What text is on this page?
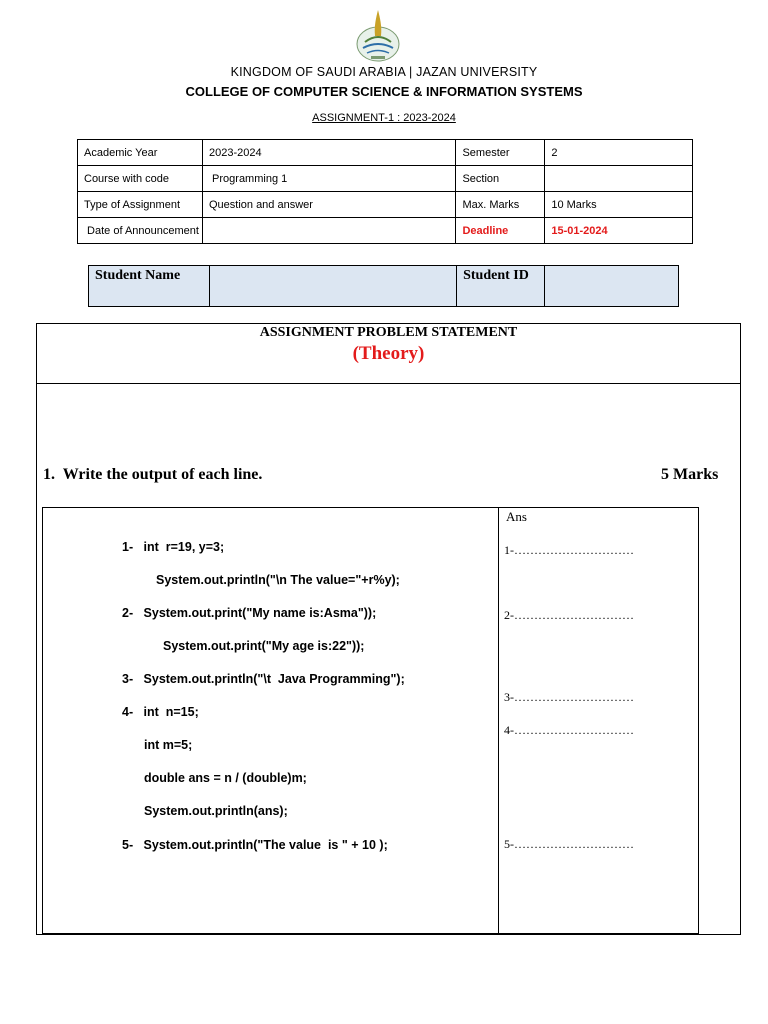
KINGDOM OF SAUDI ARABIA | JAZAN UNIVERSITY
COLLEGE OF COMPUTER SCIENCE & INFORMATION SYSTEMS
ASSIGNMENT-1 : 2023-2024
Academic Year	2023-2024	Semester	2
Course with code	Programming 1	Section	
Type of Assignment	Question and answer	Max. Marks	10 Marks
Date of Announcement		Deadline	15-01-2024
Student Name		Student ID	
ASSIGNMENT PROBLEM STATEMENT
(Theory)
1.  Write the output of each line.	5 Marks
1-   int  r=19, y=3;
System.out.println("\n The value="+r%y);
2-   System.out.print("My name is:Asma"));
System.out.print("My age is:22"));
3-   System.out.println("\t  Java Programming");
4-   int  n=15;
int m=5;
double ans = n / (double)m;
System.out.println(ans);
5-   System.out.println("The value  is " + 10 );
Ans
1-…………………………
2-…………………………
3-…………………………
4-…………………………
5-…………………………
